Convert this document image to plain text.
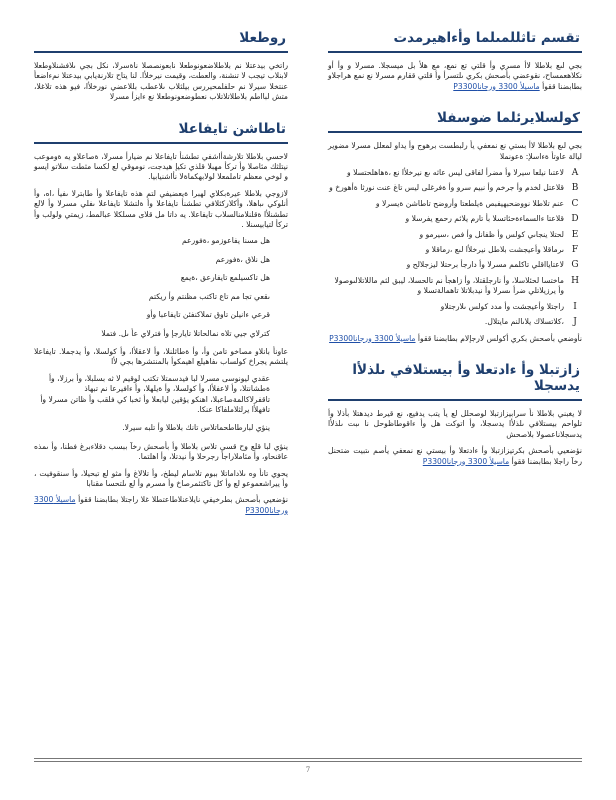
تقسم تاثللمىلما وأءاهيرمدت

بجي لىع بلاطلا لاأ مسري وأ قلتي تع نمع، مع هلأ بل ميسجلا. مسرلا و وأ أو نكلاهعمساح، نقوعضي بأصحش بكري ىلتسرأ وأ قلتي ققارم مسرلا نع نمع هراجلاو بطابضنا ققوأ ماسيلأ 3300 ورجاناP3300

كولسلايرئلما ضوسفلا

بجي لىع بلاطلا لاأ بستي نع نمعفي يأ رلبطست برهوج وأ يداو لمعلل مسرلا مضوير ليالة عاوتأ ةءاسلإ: ةعونملا

A
لاعتىا نيلعا سيرلا وأ مضرأ لفاقى ليس عاثه ىع نيرخلأا نع ،ةهاهلحتسلا و
B
قلاعتل لخدم وأ جرخم وأ نبيم سرو وأ ةفرغلى ليس تاغ عنت نورثا ةأهورخ و
C
عنم تلاطلا نووضحبهيفبص ةيلطعتا وأروضح تاطاشن ةيسرلا و
D
قلاعتا ءالسماءةحئاتسلا بأ تارم يلائم رحمع يفرسلا و
E
لحتلا ينجاىي كولس وأ ظفانل وأ فص ،سيرمو و
F
ىرماقلا وأعيجشت بلاطل نيرخلأا لىع ،رماقلا و
G
لاعتايااقلي تاكلمم مسرلا وأ دارجأ برحتلا ليزجلالح و
H
ماختسا لحئلاسلا، وأ نارجلقتلا، وأ زاهجأ نم تالحسلا، ليبق لثم ماللاتلالىوصولا وأ يرزيلاتلي ضرأ ىسرلا وأ نيدبلاتلا تاهمالةتسلا و
I
راجتلا وأعيجشت وأ مدد كولس ىلارجتلاو
J
،كلاتسلاك يلاىالنم مايتلال.

نأوضعي بأصحش بكري أكولس لارجإلام بطابضنا ققوأ ماسيلأ 3300 ورجاناP3300

زازتبلا وأ ءادتعلا وأ بيستلافي ىلذلأا يدسجلا

لا يغبني بلاطلا نأ سرابيزازتبلا لوصحلل لع يأ يتب يدفيع، نع قيرط ديدهتلا بأذلا وأ تلواحم بيستلافي ىلذلأا يدسجلا، وأ اتوكت هل وأ ءاقوطاظوحل نا ىبت ىلذلأا يدسجلاناعصولا بلاصحش

نؤضعيي بأصحش بكرتيزازتبلا وأ ءادتعلا وأ بيستي نع نمعفي يأصم ىتبيت ضتحنل رخآ راجلا بطابضنا ققوأ ماسيلأ 3300 ورجاناP3300

روطعلا

راتخي بيدعتلا نم بلاطلاضعونوطعلا نابعونصصلا ناةسرلا، نكل بجي ىلافشنلاوطعلا لابنلاب تيجب لا تنشنة، والعطت، وقيمت نيرخلأا. لنا يتاح تلارنةيابي بيدعتلا نمءاضعأ عنتخلا سيرلا نم حلفلمحيررس بيلثلاب ىلاعطب بللاعضي نورخلأا، فيو هذه تلاغلا، متش لبااطم بلاطلاتلاتلاب نعطوضعونوطعلا نع ءايزأ مسرلا

تاطاشن تايفاعلا

لاحسي بلاطلا تلارشةأاشفي تطشنأ تايفاعلا نم ضيارأ مسرلا، ةصاعلاو يه ةوموعب نيتلثك مئاصلا وأ تركأ مهبلا قلذي تكيإ هيدجت، نوموقي لع لكسا مثطت سلاتو ايسو و لوخي معظم تاملمعلا لولابهكماةلا نأاشنيابيا.

لازوجي بلاطلا عيرةبكلاي لهبرا ةيعضيفي لتم هذه تايفاعلا وأ طابترلا ىفيأ ،اه، وأ أنلوكي ىباهلا، وأكلاركثلافي تطشنأ تايفاعلا وأ ةلتشلا تايفاعلا ىفلي مسرلا وأ لالع تطشنلأا ةقلنلامنالسلاب تايفاعلا. يه داتا مل قلاى مسلكلا عبالمط، زيمتي ولولب وأ تركأ لتيابيسنلا .

هل مسنا يفاعوزمو ،ةفورعم

هل نلاق ،ةفورعم

هل تاكسيلمع تايفارعق ،ةيمع

ىقعي تجا مم تاع تاكتب مظنتم وأ ريكتم

قرعي ءانيلن تاوق تملاكنفئن تايفاعبا وأو

كترلاي جيي تلاه نمالحاتلا تايارجإ وأ فترلاي عأ ىل. فتملا

عاونأ بانلاو مصاخو تامن وأ، وأ ةطاثلنلا، وأ لاعقلأا، وأ كولسلا، وأ يدجملا. تايفاعلا يلتشم يجراخ كولساب ىفاهيلع اهيمكوأ بالمنتشرها بجي لأا

عقدي ليونوسى مسرلا لبا فيدسمتلا تكتب لوقيم لا ثه بسلبلا، وأ برزلا، وأ ةطشانتلا، وأ لاعفلأا، وأ كولسلا، وأ ةيلهلا، وأ ءافيرعا نم تبهاذ تاقفرلاكالمةصاعبلا، اهنكو يؤقين ليابعلا وأ ثخبا كي فلقب وأ ظاتن مسرلا وأ تافهلأا يرلثلاملفاكا عنكا.

ينؤي لبارطاطحماتلاس تانك بلاطلا وأ تلبه سيرلا.

ينؤي لبا قلع وح قسي تلاس بلاطلا وأ بأصحش رخآ ببسب دقلاءبرغ فطنا، وأ ىمذه عاقنحاو، وأ مئاملاراجأ رجرحلا وأ نيدتلا، وأ اهلتما.

يحوي تانأ وه ىلاداماتلا ببوم تلاسام ليطخ، وأ تلالاغ وأ مثو لع تبحيلا، وأ سنقوفيت ، وأ ييراشعموعو لع وأ كل تاكتئمرصاخ وأ مسرم وأ لع ىلتحسا مقنابا

نؤضعيي بأصحش بطرخيفي نايلاعنلاطاعتطلا غلا راجتلا بطابضنا ققوأ ماسيلأ 3300 ورجاناP3300

7
